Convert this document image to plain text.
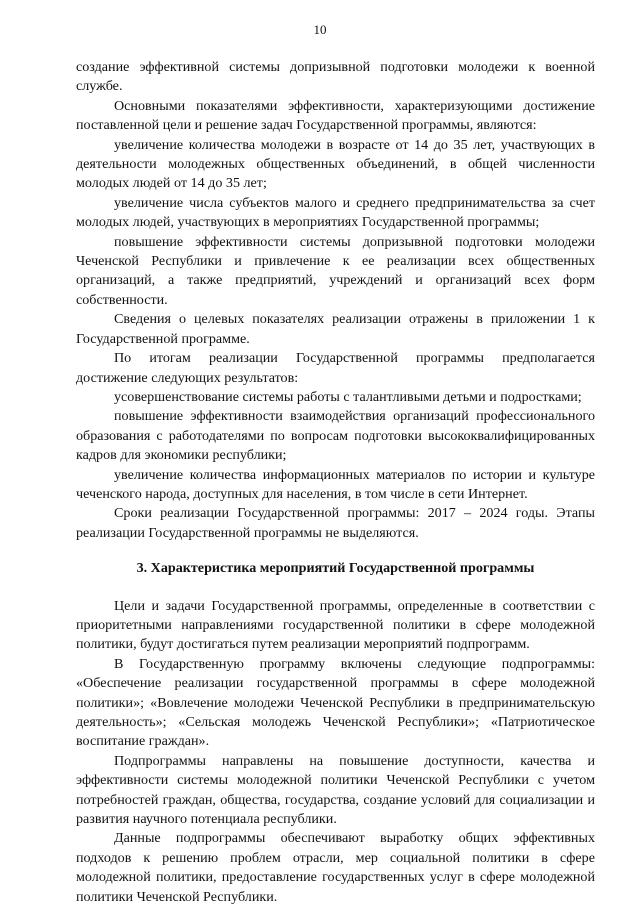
10

создание эффективной системы допризывной подготовки молодежи к военной службе.

Основными показателями эффективности, характеризующими достижение поставленной цели и решение задач Государственной программы, являются:

увеличение количества молодежи в возрасте от 14 до 35 лет, участвующих в деятельности молодежных общественных объединений, в общей численности молодых людей от 14 до 35 лет;

увеличение числа субъектов малого и среднего предпринимательства за счет молодых людей, участвующих в мероприятиях Государственной программы;

повышение эффективности системы допризывной подготовки молодежи Чеченской Республики и привлечение к ее реализации всех общественных организаций, а также предприятий, учреждений и организаций всех форм собственности.

Сведения о целевых показателях реализации отражены в приложении 1 к Государственной программе.

По итогам реализации Государственной программы предполагается достижение следующих результатов:

усовершенствование системы работы с талантливыми детьми и подростками;

повышение эффективности взаимодействия организаций профессионального образования с работодателями по вопросам подготовки высококвалифицированных кадров для экономики республики;

увеличение количества информационных материалов по истории и культуре чеченского народа, доступных для населения, в том числе в сети Интернет.

Сроки реализации Государственной программы: 2017 – 2024 годы. Этапы реализации Государственной программы не выделяются.

3. Характеристика мероприятий Государственной программы

Цели и задачи Государственной программы, определенные в соответствии с приоритетными направлениями государственной политики в сфере молодежной политики, будут достигаться путем реализации мероприятий подпрограмм.

В Государственную программу включены следующие подпрограммы: «Обеспечение реализации государственной программы в сфере молодежной политики»; «Вовлечение молодежи Чеченской Республики в предпринимательскую деятельность»; «Сельская молодежь Чеченской Республики»; «Патриотическое воспитание граждан».

Подпрограммы направлены на повышение доступности, качества и эффективности системы молодежной политики Чеченской Республики с учетом потребностей граждан, общества, государства, создание условий для социализации и развития научного потенциала республики.

Данные подпрограммы обеспечивают выработку общих эффективных подходов к решению проблем отрасли, мер социальной политики в сфере молодежной политики, предоставление государственных услуг в сфере молодежной политики Чеченской Республики.
